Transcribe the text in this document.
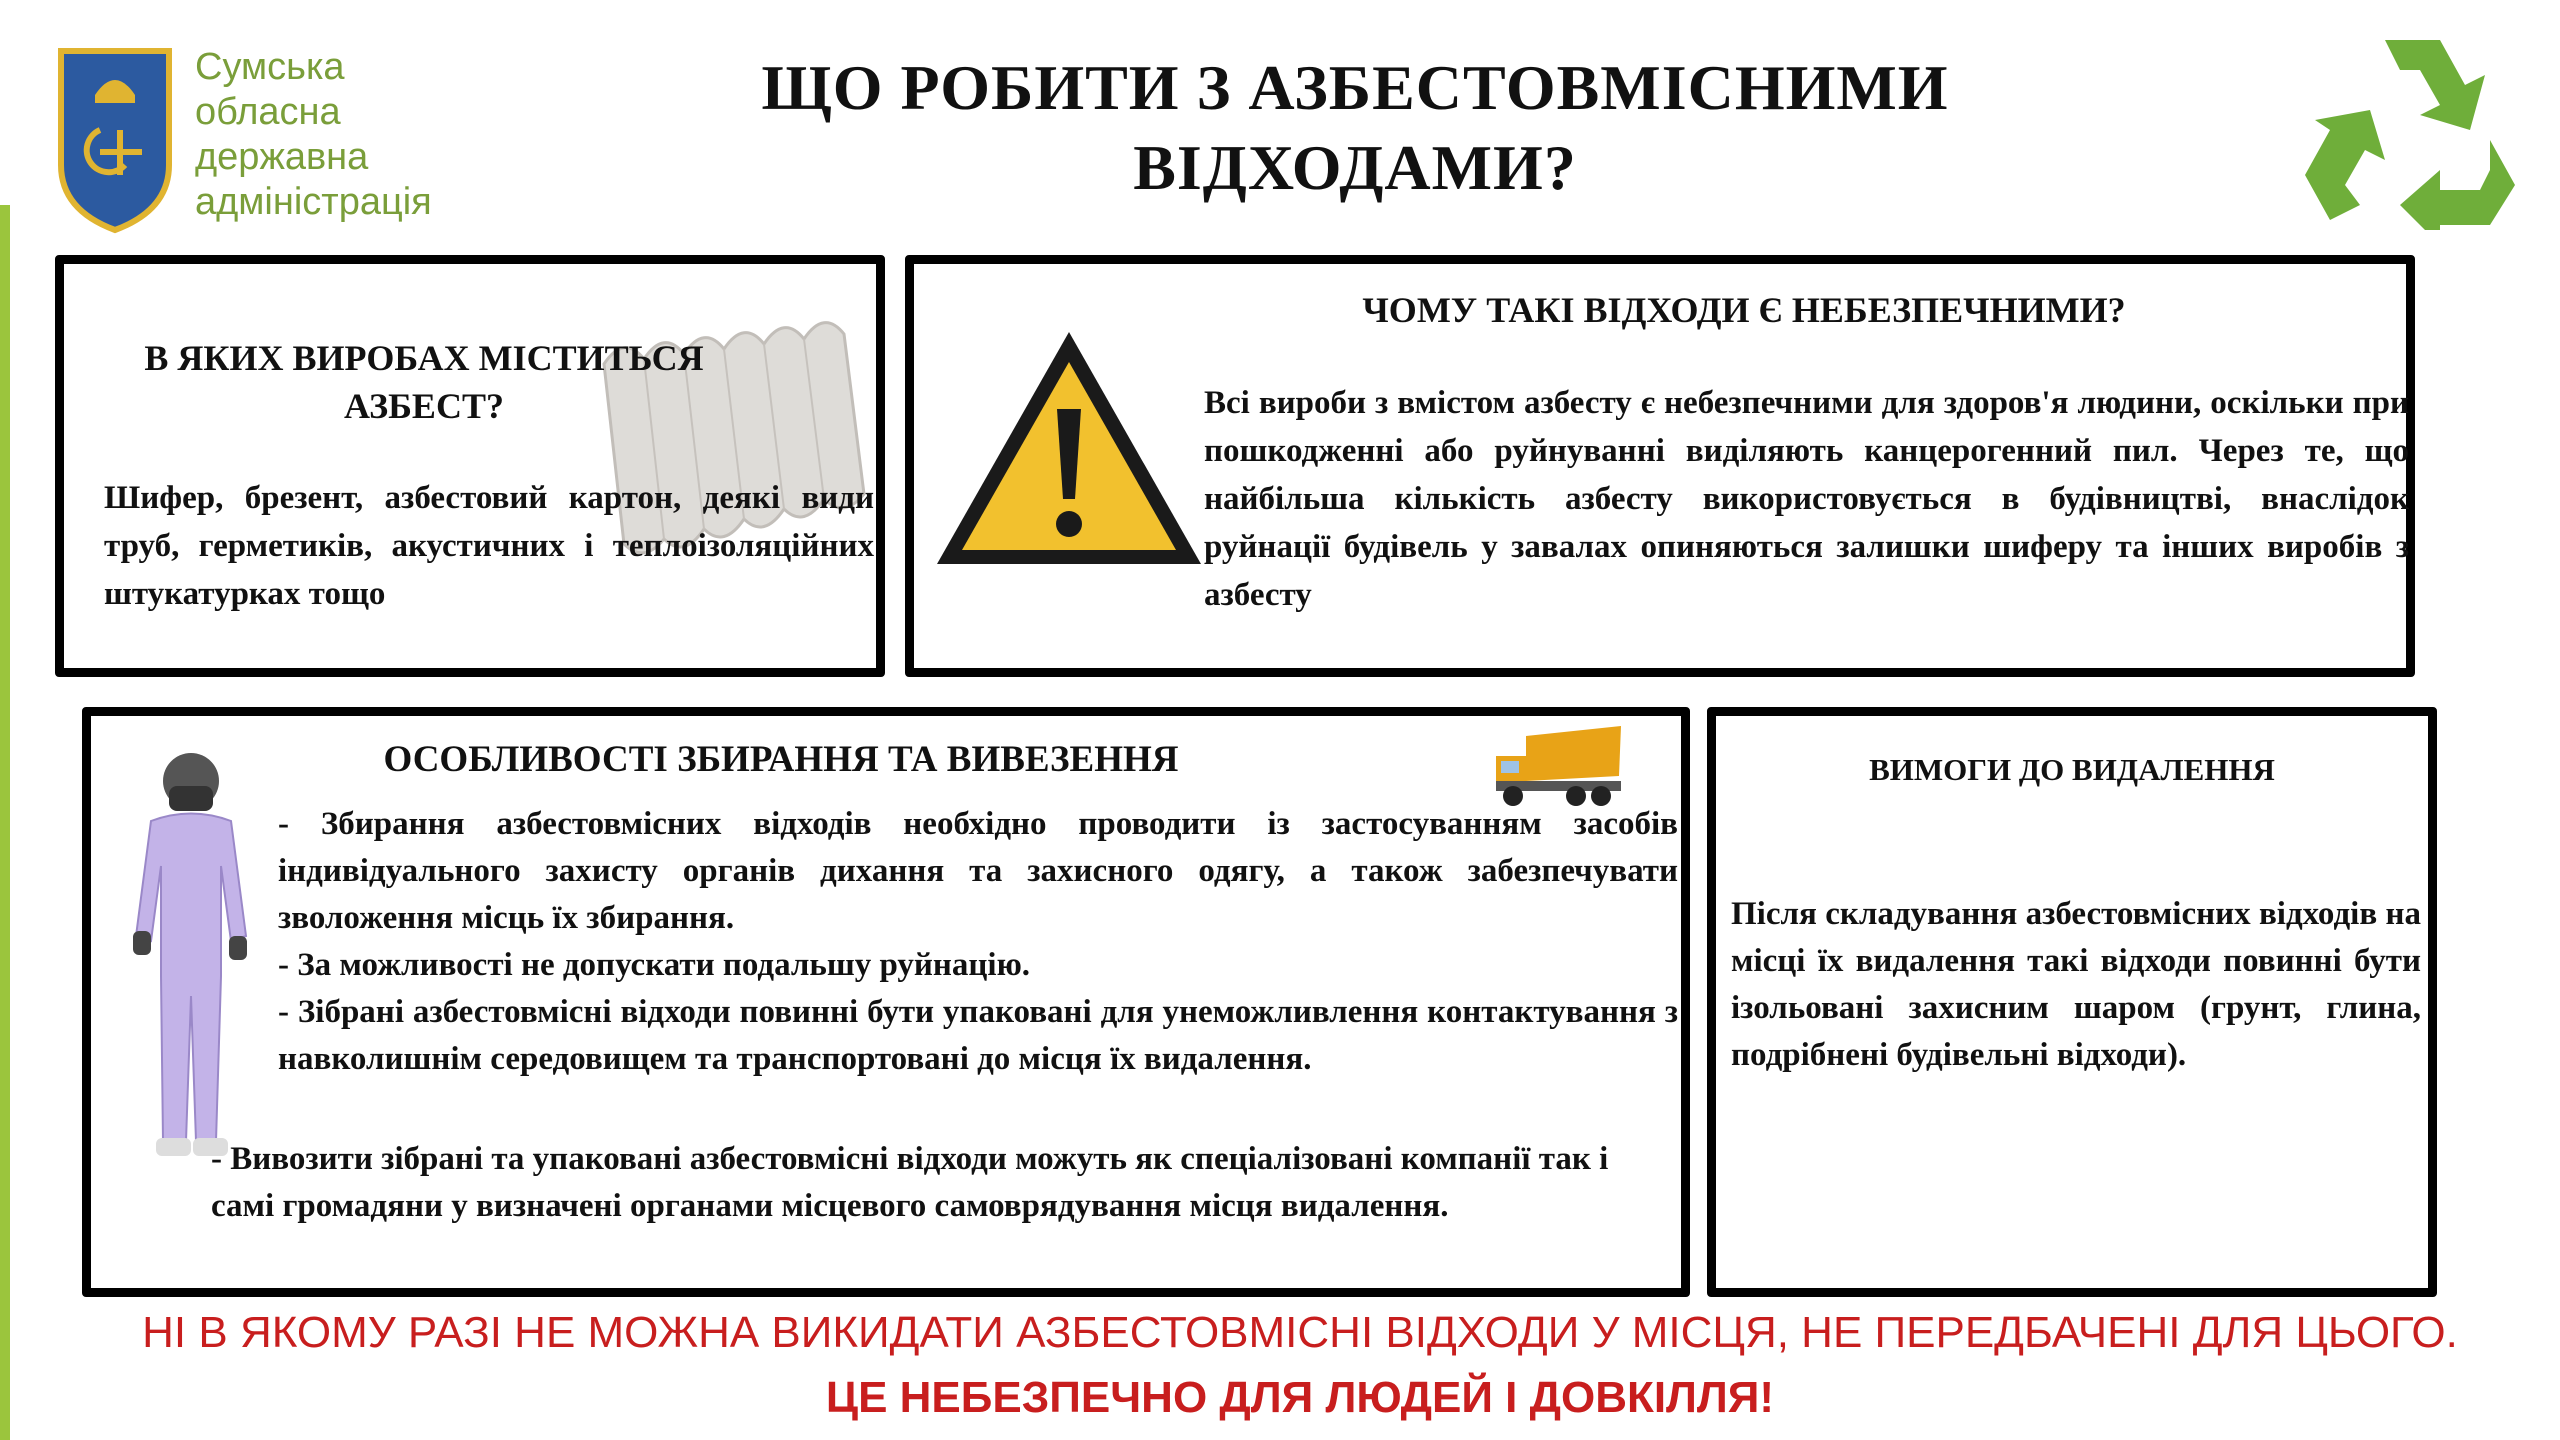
Сумська
обласна
державна
адміністрація
ЩО РОБИТИ З АЗБЕСТОВМІСНИМИ
ВІДХОДАМИ?
В ЯКИХ ВИРОБАХ МІСТИТЬСЯ АЗБЕСТ?

Шифер, брезент, азбестовий картон, деякі види труб, герметиків, акустичних і теплоізоляційних штукатурках тощо

ЧОМУ ТАКІ ВІДХОДИ Є НЕБЕЗПЕЧНИМИ?

Всі вироби з вмістом азбесту є небезпечними для здоров'я людини, оскільки при пошкодженні або руйнуванні виділяють канцерогенний пил. Через те, що найбільша кількість азбесту використовується в будівництві, внаслідок руйнації будівель у завалах опиняються залишки шиферу та інших виробів з азбесту

ОСОБЛИВОСТІ ЗБИРАННЯ ТА ВИВЕЗЕННЯ

- Збирання азбестовмісних відходів необхідно проводити із застосуванням засобів індивідуального захисту органів дихання та захисного одягу, а також забезпечувати зволоження місць їх збирання.

- За можливості не допускати подальшу руйнацію.

- Зібрані азбестовмісні відходи повинні бути упаковані для унеможливлення контактування з навколишнім середовищем та транспортовані до місця їх видалення.

- Вивозити зібрані та упаковані азбестовмісні відходи можуть як спеціалізовані компанії так і самі громадяни у визначені органами місцевого самоврядування місця видалення.

ВИМОГИ ДО ВИДАЛЕННЯ

Після складування азбестовмісних відходів на місці їх видалення такі відходи повинні бути ізольовані захисним шаром (грунт, глина, подрібнені будівельні відходи).

НІ В ЯКОМУ РАЗІ НЕ МОЖНА ВИКИДАТИ АЗБЕСТОВМІСНІ ВІДХОДИ У МІСЦЯ, НЕ ПЕРЕДБАЧЕНІ ДЛЯ ЦЬОГО.
ЦЕ НЕБЕЗПЕЧНО ДЛЯ ЛЮДЕЙ І ДОВКІЛЛЯ!
